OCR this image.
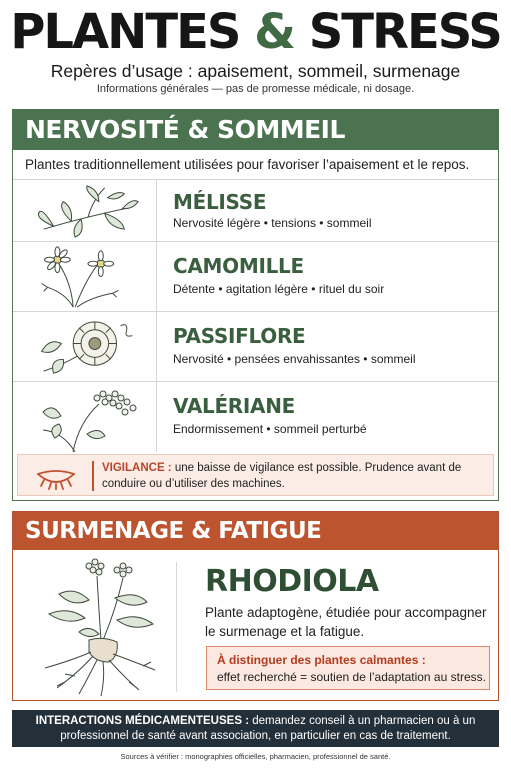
PLANTES & STRESS
Repères d’usage : apaisement, sommeil, surmenage
Informations générales — pas de promesse médicale, ni dosage.
NERVOSITÉ & SOMMEIL
Plantes traditionnellement utilisées pour favoriser l’apaisement et le repos.
MÉLISSE
Nervosité légère • tensions • sommeil
CAMOMILLE
Détente • agitation légère • rituel du soir
PASSIFLORE
Nervosité • pensées envahissantes • sommeil
VALÉRIANE
Endormissement • sommeil perturbé
VIGILANCE : une baisse de vigilance est possible. Prudence avant de conduire ou d’utiliser des machines.
SURMENAGE & FATIGUE
RHODIOLA
Plante adaptogène, étudiée pour accompagner le surmenage et la fatigue.
À distinguer des plantes calmantes :
effet recherché = soutien de l’adaptation au stress.
INTERACTIONS MÉDICAMENTEUSES : demandez conseil à un pharmacien ou à un professionnel de santé avant association, en particulier en cas de traitement.
Sources à vérifier : monographies officielles, pharmacien, professionnel de santé.
